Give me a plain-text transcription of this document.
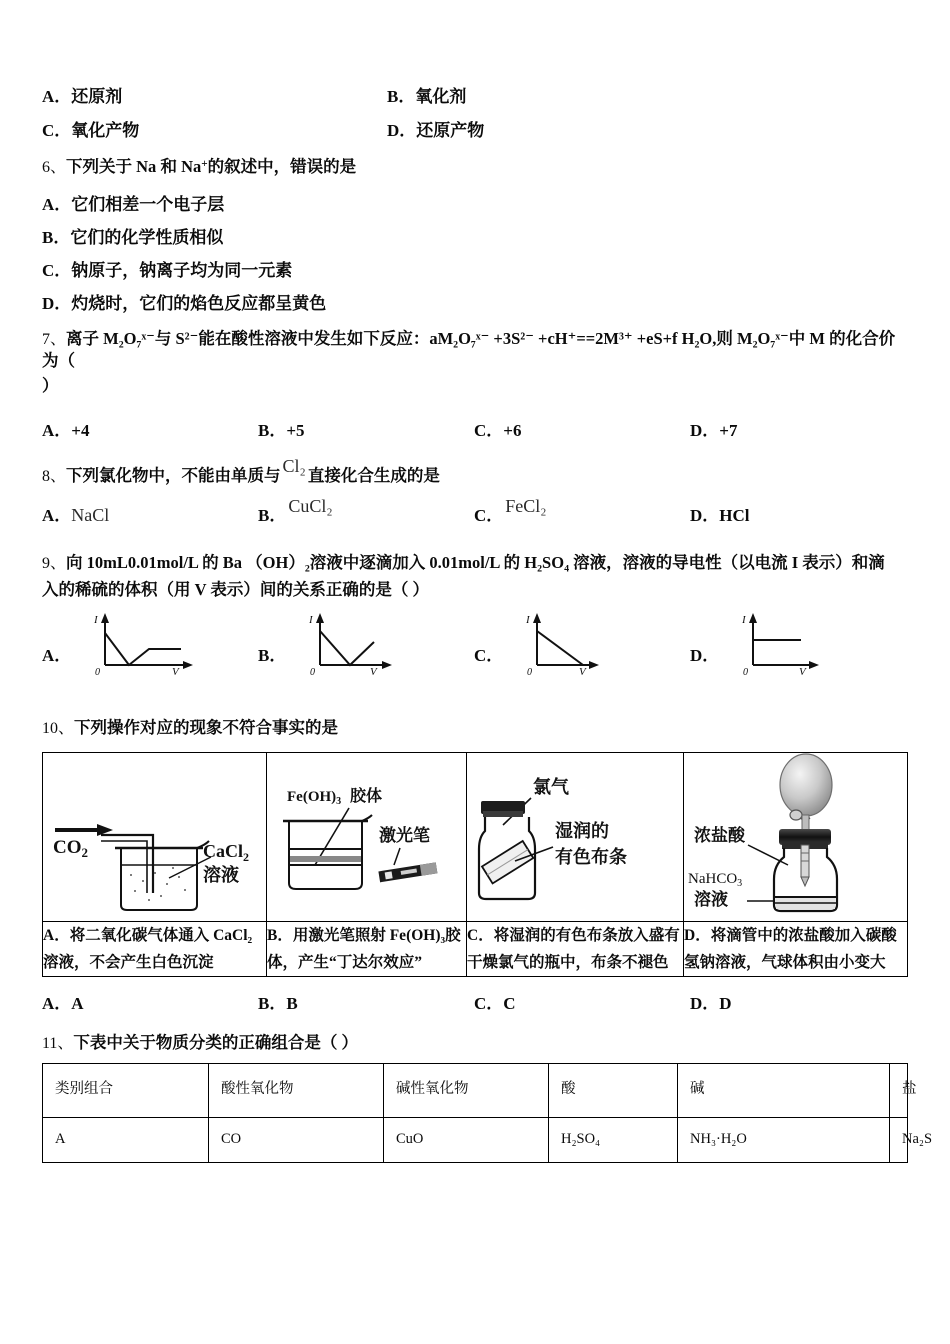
A．还原剂	B．氧化剂
C．氧化产物	D．还原产物
6、下列关于 Na 和 Na+的叙述中，错误的是
A．它们相差一个电子层
B．它们的化学性质相似
C．钠原子，钠离子均为同一元素
D．灼烧时，它们的焰色反应都呈黄色
7、离子 M₂O₇ˣ⁻与 S²⁻能在酸性溶液中发生如下反应：aM₂O₇ˣ⁻ +3S²⁻ +cH⁺==2M³⁺ +eS+f H₂O,则 M₂O₇ˣ⁻中 M 的化合价为（
）
A．+4	B．+5	C．+6	D．+7
8、下列氯化物中，不能由单质与 Cl₂ 直接化合生成的是
A．NaCl	B． CuCl₂	C． FeCl₂	D．HCl
9、向 10mL0.01mol/L 的 Ba （OH）₂溶液中逐滴加入 0.01mol/L 的 H₂SO₄ 溶液，溶液的导电性（以电流 I 表示）和滴
入的稀硫的体积（用 V 表示）间的关系正确的是（ ）
A．
I
V
0
B．
I
V
0
C．
I
V
0
D．
I
V
0
10、下列操作对应的现象不符合事实的是
$CO_2$ CaCl$_2$
溶液	$Fe(OH)_3$ 胶体
激光笔	氯气
湿润的
有色布条	浓盐酸
NaHCO$_3$
溶液

A．将二氧化碳气体通入 CaCl₂溶液，不会产生白色沉淀	B．用激光笔照射 Fe(OH)₃胶体，产生“丁达尔效应”	C．将湿润的有色布条放入盛有干燥氯气的瓶中，布条不褪色	D．将滴管中的浓盐酸加入碳酸氢钠溶液，气球体积由小变大
A．A	B．B	C．C	D．D
11、下表中关于物质分类的正确组合是（ ）
类别组合	酸性氧化物	碱性氧化物	酸	碱	盐
A	CO	CuO	H₂SO₄	NH₃·H₂O	Na₂S
